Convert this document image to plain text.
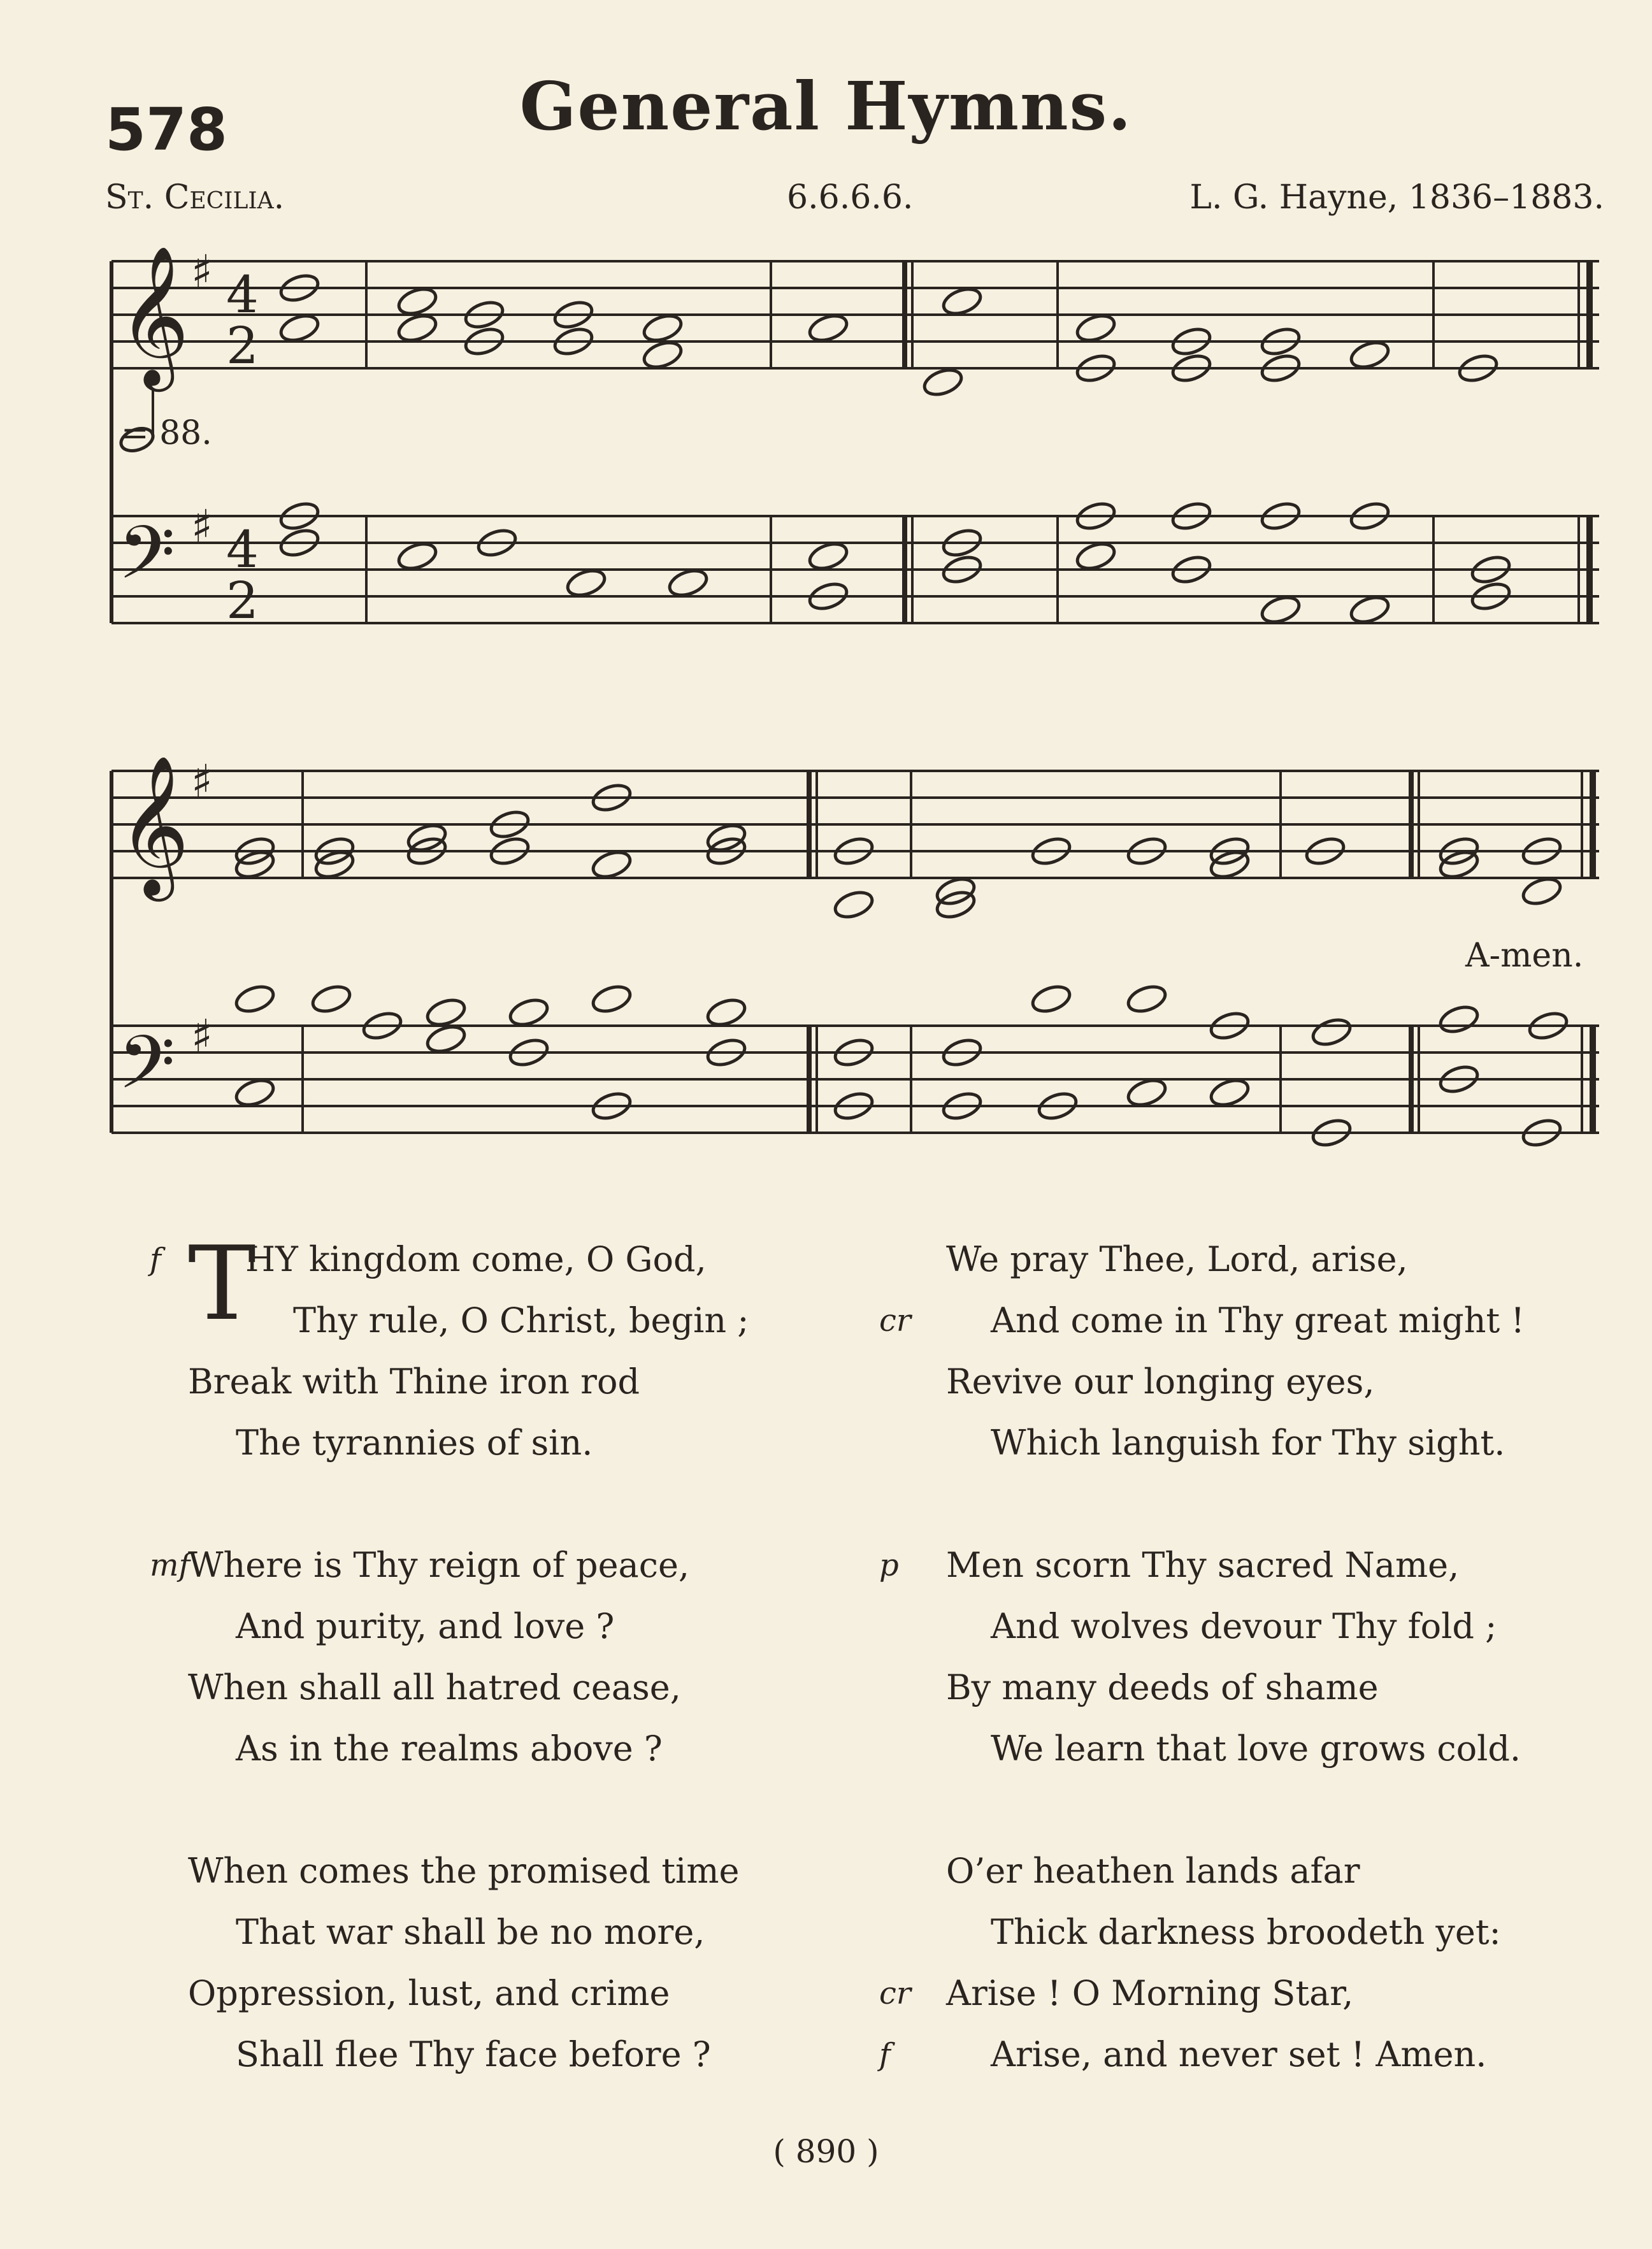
578	General Hymns.
St. Cecilia.	6.6.6.6.	L. G. Hayne, 1836–1883.
𝄞
𝄢
𝄞
𝄢
♯
♯
♯
♯
4
2
4
2
= 88.
A-men.
T
f HY kingdom come, O God,
Thy rule, O Christ, begin ;
Break with Thine iron rod
The tyrannies of sin.
mf
Where is Thy reign of peace,
And purity, and love ?
When shall all hatred cease,
As in the realms above ?
When comes the promised time
That war shall be no more,
Oppression, lust, and crime
Shall flee Thy face before ?
We pray Thee, Lord, arise,
cr And come in Thy great might !
Revive our longing eyes,
Which languish for Thy sight.
p Men scorn Thy sacred Name,
And wolves devour Thy fold ;
By many deeds of shame
We learn that love grows cold.
O’er heathen lands afar
Thick darkness broodeth yet:
cr Arise ! O Morning Star,
f	Arise, and never set ! Amen.
( 890 )
